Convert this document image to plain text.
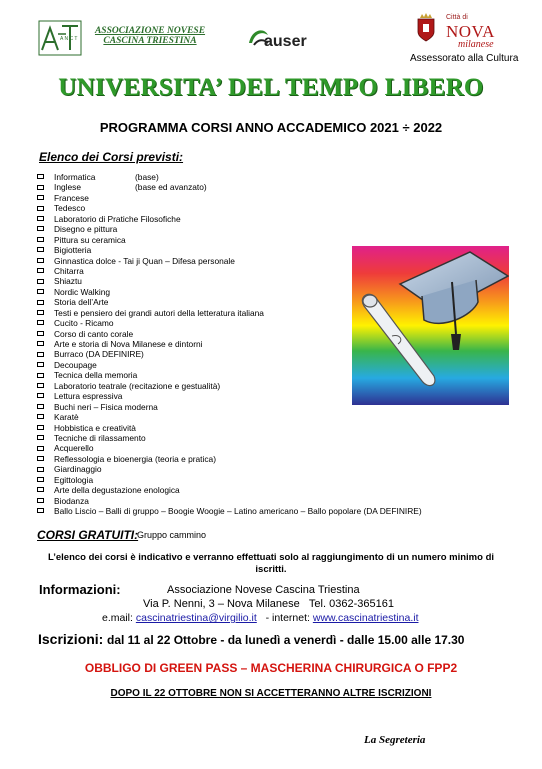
A N C T
ASSOCIAZIONE NOVESE CASCINA TRIESTINA	auser
Città di
NOVA
milanese
Assessorato alla Cultura
UNIVERSITA’ DEL TEMPO LIBERO
PROGRAMMA CORSI ANNO ACCADEMICO 2021 ÷ 2022
Elenco dei Corsi previsti:
Informatica	(base)
Inglese	(base ed avanzato)
Francese
Tedesco
Laboratorio di Pratiche Filosofiche
Disegno e pittura
Pittura su ceramica
Bigiotteria
Ginnastica dolce - Tai ji Quan – Difesa personale
Chitarra
Shiaztu
Nordic Walking
Storia dell’Arte
Testi e pensiero dei grandi autori della letteratura italiana
Cucito - Ricamo
Corso di canto corale
Arte e storia di Nova Milanese e dintorni
Burraco (DA DEFINIRE)
Decoupage
Tecnica della memoria
Laboratorio teatrale (recitazione e gestualità)
Lettura espressiva
Buchi neri – Fisica moderna
Karatè
Hobbistica e creatività
Tecniche di rilassamento
Acquerello
Reflessologia e bioenergia (teoria e pratica)
Giardinaggio
Egittologia
Arte della degustazione enologica
Biodanza
Ballo Liscio – Balli di gruppo – Boogie Woogie – Latino americano – Ballo popolare (DA DEFINIRE)
CORSI GRATUITI:
Gruppo cammino
L’elenco dei corsi è indicativo e verranno effettuati solo al raggiungimento di un numero minimo di iscritti.
Informazioni:	Associazione Novese Cascina Triestina
Via P. Nenni, 3 – Nova Milanese Tel. 0362-365161
e.mail: cascinatriestina@virgilio.it - internet: www.cascinatriestina.it
Iscrizioni: dal 11 al 22 Ottobre - da lunedì a venerdì - dalle 15.00 alle 17.30
OBBLIGO DI GREEN PASS – MASCHERINA CHIRURGICA O FPP2
DOPO IL 22 OTTOBRE NON SI ACCETTERANNO ALTRE ISCRIZIONI
La Segreteria
